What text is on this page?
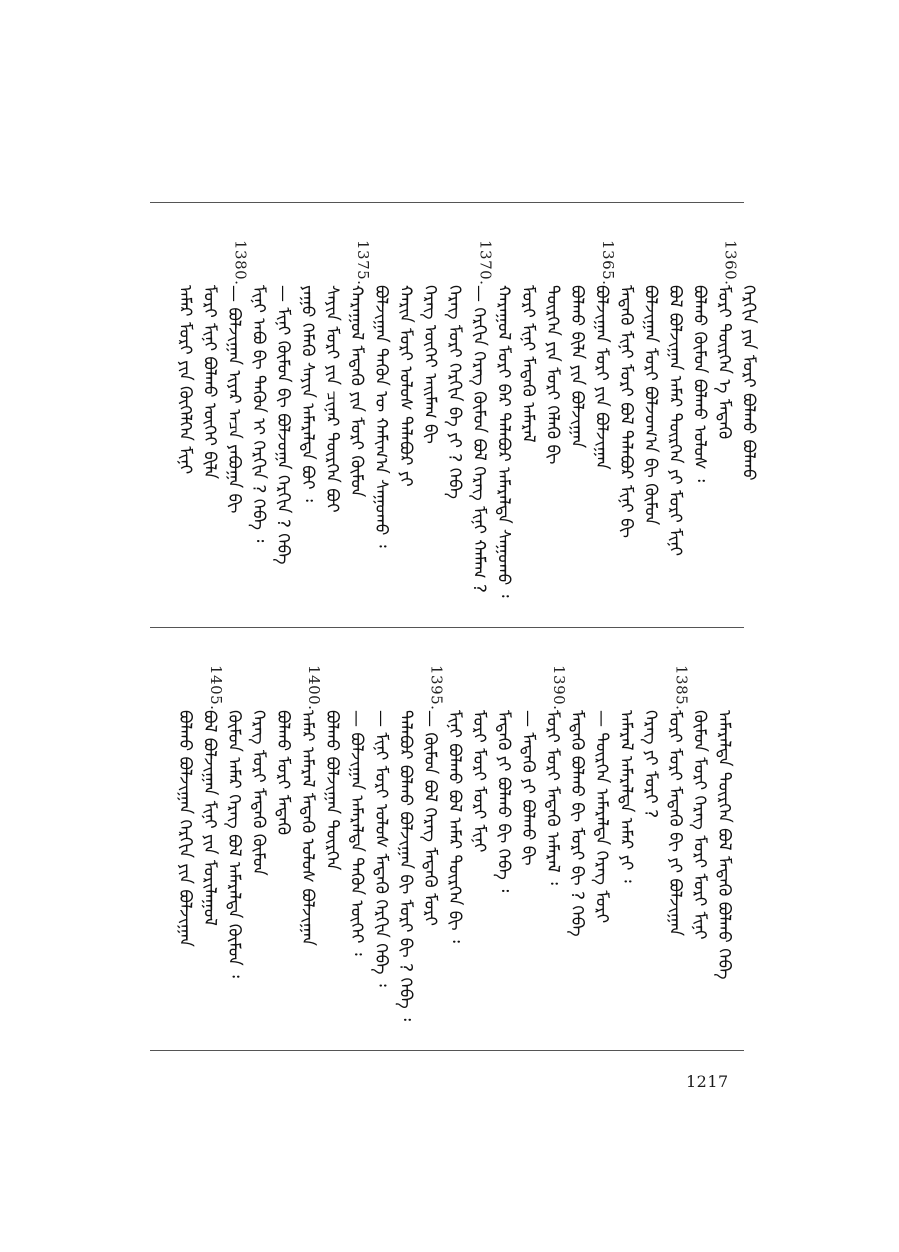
ᠠᠮᠠᠷ ᠮᠣᠷᠢ ᠶᠢᠨ ᠬᠥᠭᠡᠯᠭᠡᠨ ᠮᠢᠨᠢ ᠮᠣᠷᠢ ᠮᠢᠨᠢ ᠪᠣᠯᠬᠣ ᠦᠭᠡᠢ ᠪᠢᠯᠡ — ᠪᠣᠯᠵᠢᠭᠠᠨ ᠢᠶᠠᠷ ᠠᠴᠠ ᠶᠠᠪᠤᠭᠠ ᠪᠢ
1380.
ᠮᠢᠨᠢ ᠠᠪᠤ ᠪᠢ ᠲᠡᠭᠦᠨ ᠢ ᠬᠡᠷᠬᠢᠨ ? ᠭᠡᠪᠡ ᠄ — ᠮᠢᠨᠢ ᠬᠦᠮᠦᠨ ᠪᠢ ᠪᠣᠯᠵᠣᠭᠠ ᠬᠡᠷᠬᠢᠨ ? ᠭᠡᠪᠡ ᠶᠠᠭᠤ ᠬᠡᠮᠡᠬᠦ ᠰᠠᠶᠢᠨ ᠠᠮᠠᠷᠠᠯᠲᠠ ᠪᠣᠢ ᠄ ᠰᠠᠶᠢᠨ ᠮᠣᠷᠢ ᠶᠢᠨ ᠴᠢᠨᠠᠷ ᠲᠦᠷᠭᠡᠨ ᠪᠣᠢ ᠬᠠᠷᠠᠭᠤᠯ ᠮᠡᠳᠡᠬᠦ ᠶᠢᠨ ᠮᠣᠷᠢ ᠬᠦᠮᠦᠨ
1375.
ᠪᠣᠯᠵᠢᠭᠠᠨ ᠲᠡᠭᠦᠨ ᠦ ᠬᠠᠮᠢᠭ᠎ᠠ ᠰᠠᠭᠤᠬᠤ ᠄ ᠬᠠᠷᠢᠨ ᠮᠣᠷᠢ ᠤᠯᠤᠰ ᠲᠠᠯᠠᠪᠤᠷ ᠶᠢ ᠬᠡᠷᠡᠭ ᠦᠭᠡᠢ ᠠᠢᠮᠠᠭ ᠪᠢ ᠬᠡᠷᠡᠭ ᠮᠣᠷᠢ ᠬᠡᠷᠬᠢᠨ ᠪᠠ ᠶᠢ ? ᠭᠡᠪᠡ — ᠬᠡᠷᠬᠢᠨ ᠬᠡᠷᠡᠭ ᠬᠦᠮᠦᠨ ᠪᠣᠯ ᠬᠡᠷᠡᠭ ᠮᠢᠨᠢ ᠬᠠᠮᠠᠭ ?
1370.
ᠬᠠᠷᠠᠭᠤᠯ ᠮᠣᠷᠢ ᠪᠠᠷ ᠲᠠᠯᠠᠪᠤᠷ ᠠᠮᠠᠷᠠᠯᠲᠠ ᠰᠠᠭᠤᠬᠤ ᠄ ᠮᠣᠷᠢ ᠮᠢᠨᠢ ᠮᠡᠳᠡᠬᠦ ᠠᠮᠠᠷᠠᠯ ᠲᠦᠷᠭᠡᠨ ᠶᠢᠨ ᠮᠣᠷᠢ ᠬᠡᠯᠡᠬᠦ ᠪᠢ ᠪᠣᠯᠬᠤ ᠪᠢᠯᠡ ᠶᠢᠨ ᠪᠣᠯᠵᠢᠭᠠᠨ ᠪᠣᠯᠵᠢᠭᠠᠨ ᠮᠣᠷᠢ ᠶᠢᠨ ᠪᠣᠯᠵᠢᠭᠠᠨ
1365.
ᠮᠡᠳᠡᠬᠦ ᠮᠢᠨᠢ ᠮᠣᠷᠢ ᠪᠣᠯ ᠲᠠᠯᠠᠪᠤᠷ ᠮᠢᠨᠢ ᠪᠢ ᠪᠣᠯᠵᠢᠭᠠᠨ ᠮᠣᠷᠢ ᠪᠣᠯᠵᠣᠭ᠎ᠠ ᠪᠢ ᠬᠦᠮᠦᠨ ᠪᠣᠯ ᠪᠣᠯᠵᠢᠭᠠᠨ ᠠᠮᠠᠷ ᠲᠦᠷᠭᠡᠨ ᠶᠢ ᠮᠣᠷᠢ ᠮᠢᠨᠢ ᠪᠣᠯᠬᠣ ᠬᠦᠮᠦᠨ ᠪᠣᠯᠬᠤ ᠤᠯᠤᠰ ᠄ ᠮᠣᠷᠢ ᠲᠦᠷᠭᠡᠨ ᠡ ᠮᠡᠳᠡᠬᠦ
1360.
ᠬᠡᠷᠬᠢᠨ ᠶᠢᠨ ᠮᠣᠷᠢ ᠪᠣᠯᠬᠤ ᠪᠣᠯᠬᠣ
ᠪᠣᠯᠬᠤ ᠪᠣᠯᠵᠢᠭᠠᠨ ᠬᠡᠷᠬᠢᠨ ᠶᠢᠨ ᠪᠣᠯᠵᠢᠭᠠᠨ ᠪᠣᠯ ᠪᠣᠯᠵᠢᠭᠠᠨ ᠮᠢᠨᠢ ᠶᠢᠨ ᠮᠣᠷᠢᠯᠠᠭᠤᠯ
1405.
ᠬᠦᠮᠦᠨ ᠠᠮᠠᠷ ᠬᠡᠷᠡᠭ ᠪᠣᠯ ᠠᠮᠠᠷᠠᠯᠲᠠ ᠬᠦᠮᠦᠨ ᠄ ᠬᠡᠷᠡᠭ ᠮᠣᠷᠢ ᠮᠡᠳᠡᠬᠦ ᠬᠦᠮᠦᠨ ᠪᠣᠯᠬᠣ ᠮᠣᠷᠢ ᠮᠡᠳᠡᠬᠦ ᠠᠮᠠᠷ ᠠᠮᠠᠷᠠᠯ ᠮᠡᠳᠡᠬᠦ ᠤᠯᠤᠰ ᠪᠣᠯᠵᠢᠭᠠᠨ
1400.
ᠪᠣᠯᠬᠣ ᠪᠣᠯᠵᠢᠭᠠᠨ ᠲᠦᠷᠭᠡᠨ — ᠪᠣᠯᠵᠢᠭᠠᠨ ᠠᠮᠠᠷᠠᠯᠲᠠ ᠲᠡᠭᠦᠨ ᠦᠭᠡᠢ ᠄ — ᠮᠢᠨᠢ ᠮᠣᠷᠢ ᠤᠯᠤᠰ ᠮᠡᠳᠡᠬᠦ ᠬᠡᠷᠬᠢᠨ ᠬᠡᠪᠡ ᠄ ᠲᠠᠯᠠᠪᠤᠷ ᠪᠣᠯᠬᠣ ᠪᠣᠯᠵᠢᠭᠠᠨ ᠪᠢ ᠮᠣᠷᠢ ᠪᠢ ? ᠭᠡᠪᠡ ᠄ — ᠬᠦᠮᠦᠨ ᠪᠣᠯ ᠬᠡᠷᠡᠭ ᠮᠡᠳᠡᠬᠦ ᠮᠣᠷᠢ
1395.
ᠮᠢᠨᠢ ᠪᠣᠯᠬᠣ ᠪᠣᠯ ᠠᠮᠠᠷ ᠲᠦᠷᠭᠡᠨ ᠪᠢ ᠄ ᠮᠣᠷᠢ ᠮᠣᠷᠢ ᠮᠣᠷᠢ ᠮᠢᠨᠢ ᠮᠡᠳᠡᠬᠦ ᠶᠢ ᠪᠣᠯᠬᠣ ᠪᠢ ᠬᠡᠪᠡ ᠄ — ᠮᠡᠳᠡᠬᠦ ᠶᠢ ᠪᠣᠯᠬᠣ ᠪᠢ ᠮᠣᠷᠢ ᠮᠣᠷᠢ ᠮᠡᠳᠡᠬᠦ ᠠᠮᠠᠷᠠᠯ ᠄
1390.
ᠮᠡᠳᠡᠬᠦ ᠪᠣᠯᠬᠣ ᠪᠢ ᠮᠣᠷᠢ ᠪᠢ ? ᠭᠡᠪᠡ — ᠲᠦᠷᠭᠡᠨ ᠠᠮᠠᠷᠠᠯᠲᠠ ᠬᠡᠷᠡᠭ ᠮᠣᠷᠢ ᠠᠮᠠᠷᠠᠯ ᠠᠮᠠᠷᠠᠯᠲᠠ ᠠᠮᠠᠷ ᠶᠢ ᠄ ᠬᠡᠷᠡᠭ ᠶᠢ ᠮᠣᠷᠢ ? ᠮᠣᠷᠢ ᠮᠣᠷᠢ ᠮᠡᠳᠡᠬᠦ ᠪᠢ ᠶᠢ ᠪᠣᠯᠵᠢᠭᠠᠨ
1385.
ᠬᠦᠮᠦᠨ ᠮᠣᠷᠢ ᠬᠡᠷᠡᠭ ᠮᠣᠷᠢ ᠮᠣᠷᠢ ᠮᠢᠨᠢ ᠠᠮᠠᠷᠠᠯᠲᠠ ᠲᠦᠷᠭᠡᠨ ᠪᠣᠯ ᠮᠡᠳᠡᠬᠦ ᠪᠣᠯᠬᠣ ᠭᠡᠪᠡ
1217
